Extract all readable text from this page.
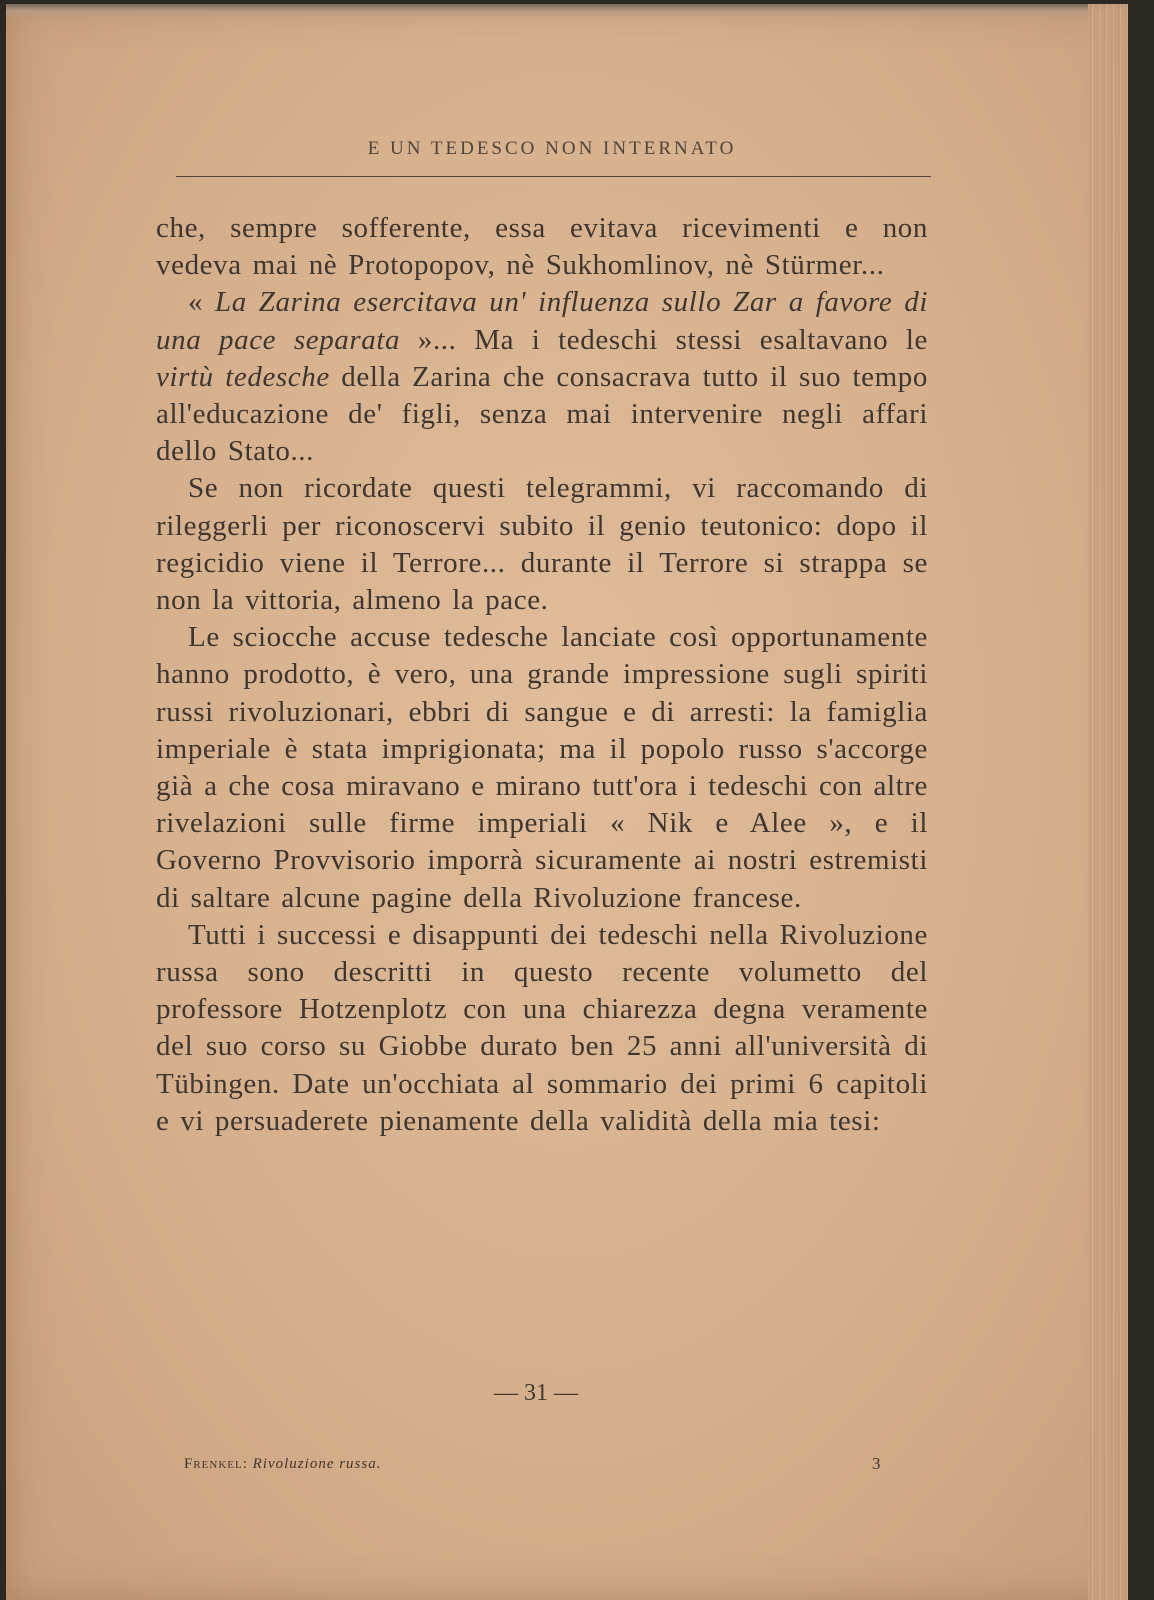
E UN TEDESCO NON INTERNATO

che, sempre sofferente, essa evitava ricevimenti e non vedeva mai nè Protopopov, nè Sukhomlinov, nè Stürmer...

« La Zarina esercitava un' influenza sullo Zar a favore di una pace separata »... Ma i tedeschi stessi esaltavano le virtù tedesche della Zarina che consacrava tutto il suo tempo all'educazione de' figli, senza mai intervenire negli affari dello Stato...

Se non ricordate questi telegrammi, vi raccomando di rileggerli per riconoscervi subito il genio teutonico: dopo il regicidio viene il Terrore... durante il Terrore si strappa se non la vittoria, almeno la pace.

Le sciocche accuse tedesche lanciate così opportunamente hanno prodotto, è vero, una grande impressione sugli spiriti russi rivoluzionari, ebbri di sangue e di arresti: la famiglia imperiale è stata imprigionata; ma il popolo russo s'accorge già a che cosa miravano e mirano tutt'ora i tedeschi con altre rivelazioni sulle firme imperiali « Nik e Alee », e il Governo Provvisorio imporrà sicuramente ai nostri estremisti di saltare alcune pagine della Rivoluzione francese.

Tutti i successi e disappunti dei tedeschi nella Rivoluzione russa sono descritti in questo recente volumetto del professore Hotzenplotz con una chiarezza degna veramente del suo corso su Giobbe durato ben 25 anni all'università di Tübingen. Date un'occhiata al sommario dei primi 6 capitoli e vi persuaderete pienamente della validità della mia tesi:

— 31 —
Frenkel: Rivoluzione russa.	3
